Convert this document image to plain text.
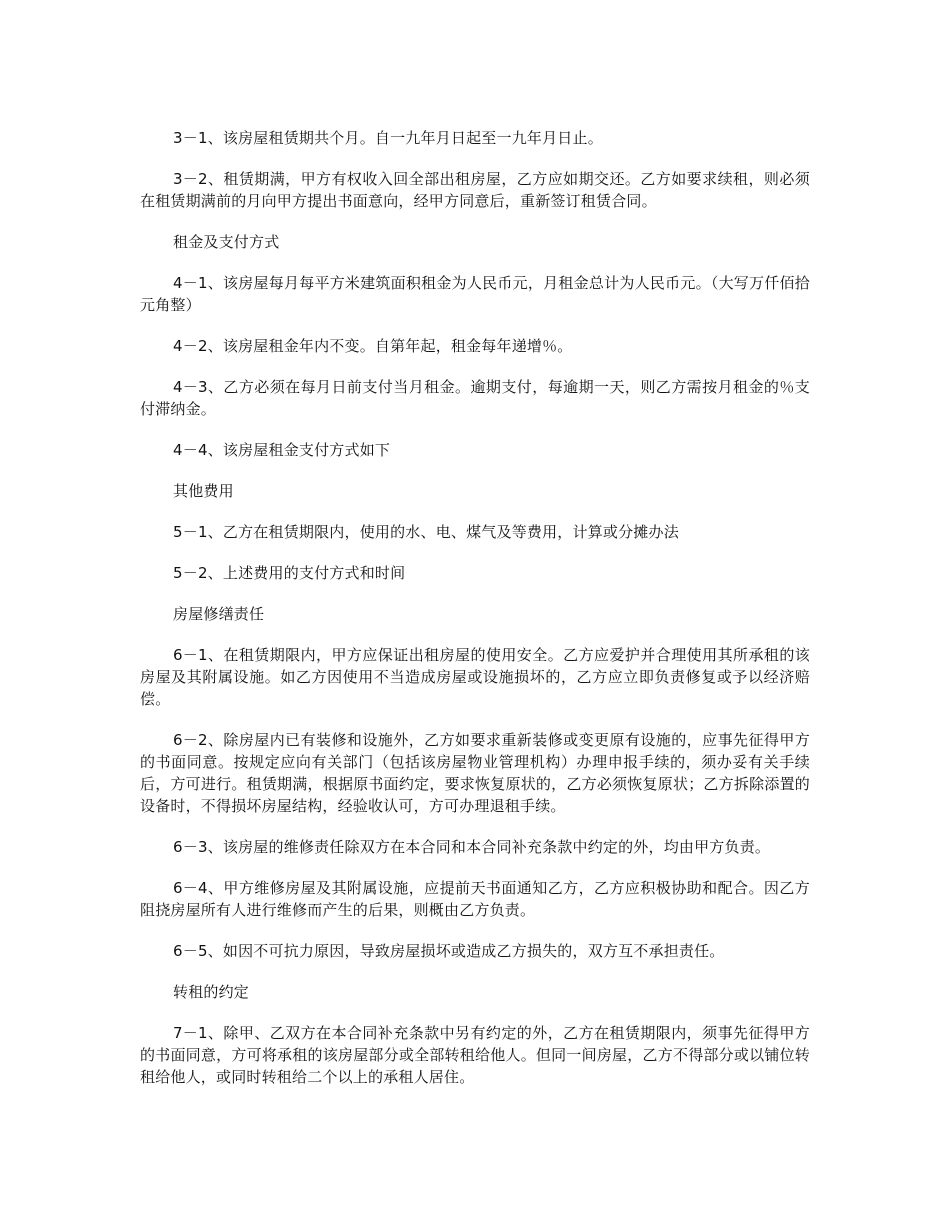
3－1、该房屋租赁期共个月。自一九年月日起至一九年月日止。

3－2、租赁期满，甲方有权收入回全部出租房屋，乙方应如期交还。乙方如要求续租，则必须在租赁期满前的月向甲方提出书面意向，经甲方同意后，重新签订租赁合同。

租金及支付方式

4－1、该房屋每月每平方米建筑面积租金为人民币元，月租金总计为人民币元。（大写万仟佰拾元角整）

4－2、该房屋租金年内不变。自第年起，租金每年递增％。

4－3、乙方必须在每月日前支付当月租金。逾期支付，每逾期一天，则乙方需按月租金的％支付滞纳金。

4－4、该房屋租金支付方式如下

其他费用

5－1、乙方在租赁期限内，使用的水、电、煤气及等费用，计算或分摊办法

5－2、上述费用的支付方式和时间

房屋修缮责任

6－1、在租赁期限内，甲方应保证出租房屋的使用安全。乙方应爱护并合理使用其所承租的该房屋及其附属设施。如乙方因使用不当造成房屋或设施损坏的，乙方应立即负责修复或予以经济赔偿。

6－2、除房屋内已有装修和设施外，乙方如要求重新装修或变更原有设施的，应事先征得甲方的书面同意。按规定应向有关部门（包括该房屋物业管理机构）办理申报手续的，须办妥有关手续后，方可进行。租赁期满，根据原书面约定，要求恢复原状的，乙方必须恢复原状；乙方拆除添置的设备时，不得损坏房屋结构，经验收认可，方可办理退租手续。

6－3、该房屋的维修责任除双方在本合同和本合同补充条款中约定的外，均由甲方负责。

6－4、甲方维修房屋及其附属设施，应提前天书面通知乙方，乙方应积极协助和配合。因乙方阻挠房屋所有人进行维修而产生的后果，则概由乙方负责。

6－5、如因不可抗力原因，导致房屋损坏或造成乙方损失的，双方互不承担责任。

转租的约定

7－1、除甲、乙双方在本合同补充条款中另有约定的外，乙方在租赁期限内，须事先征得甲方的书面同意，方可将承租的该房屋部分或全部转租给他人。但同一间房屋，乙方不得部分或以铺位转租给他人，或同时转租给二个以上的承租人居住。
